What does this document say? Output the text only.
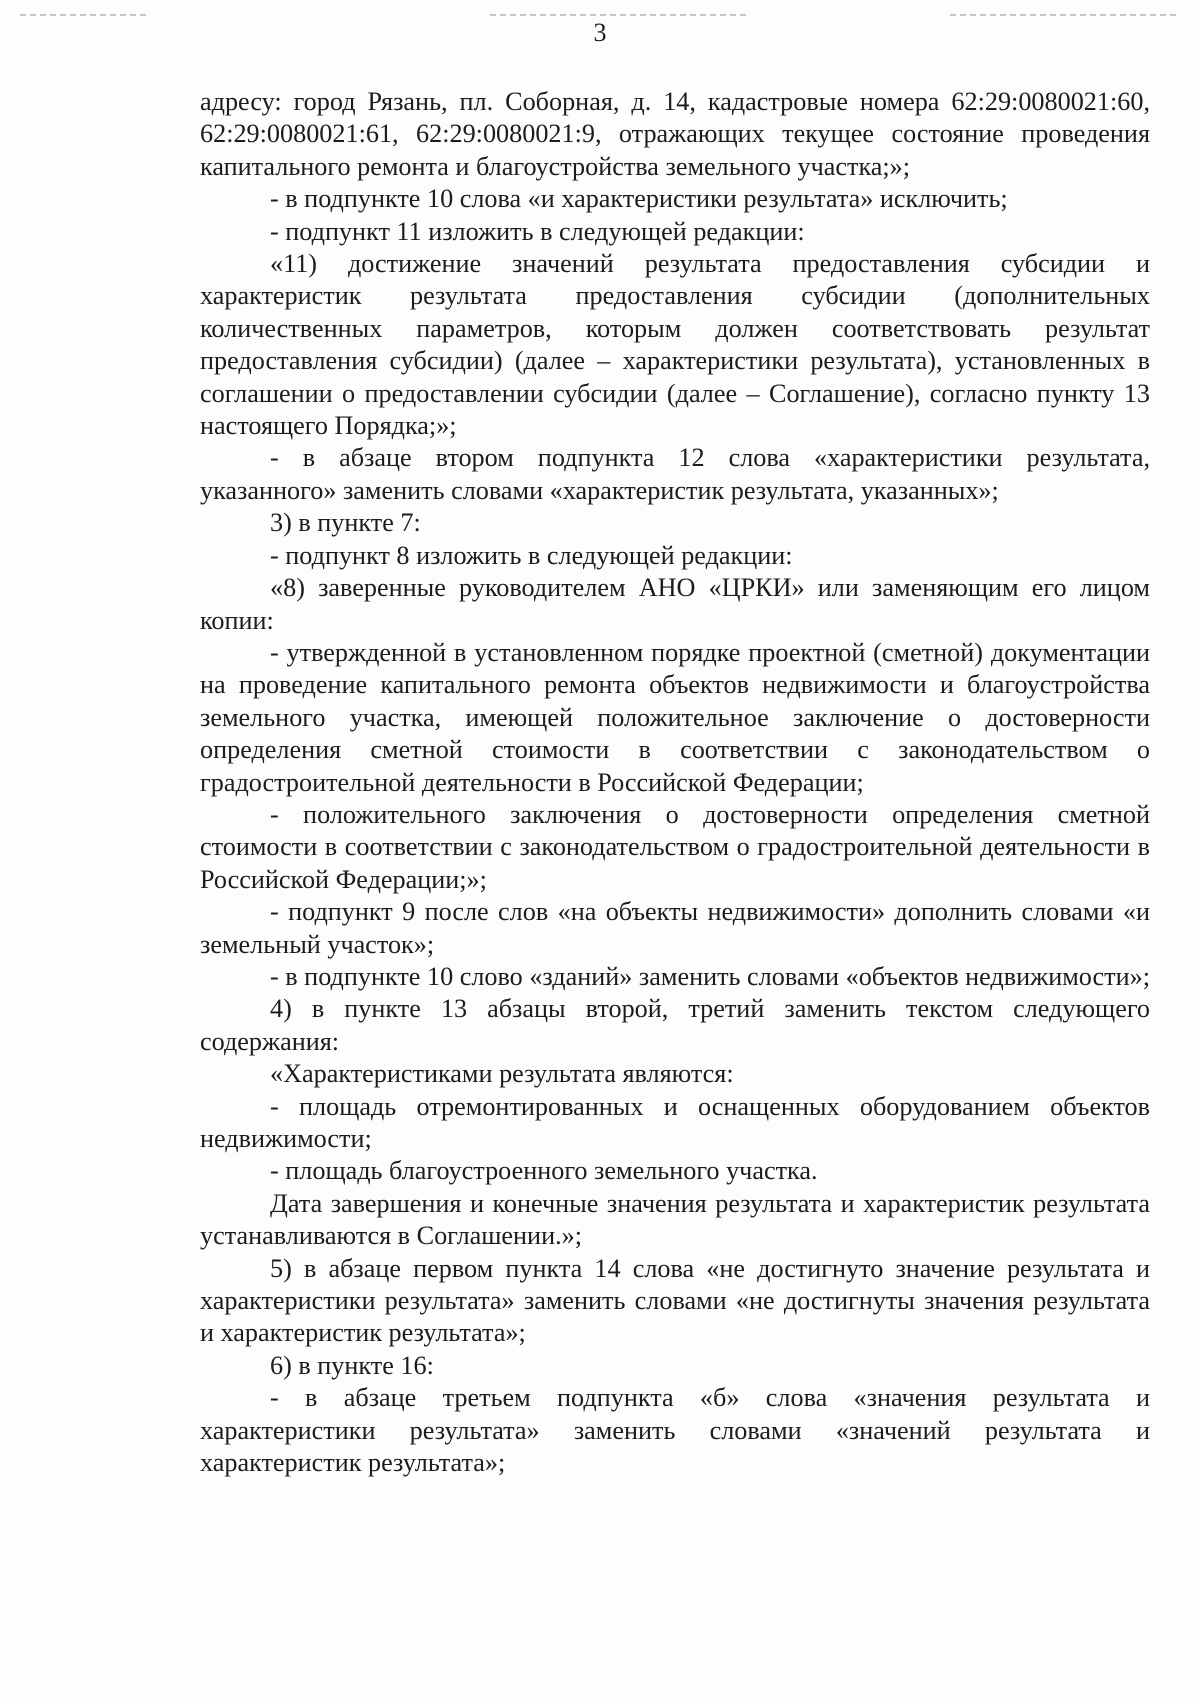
3

адресу: город Рязань, пл. Соборная, д. 14, кадастровые номера 62:29:0080021:60, 62:29:0080021:61, 62:29:0080021:9, отражающих текущее состояние проведения капитального ремонта и благоустройства земельного участка;»;

- в подпункте 10 слова «и характеристики результата» исключить;

- подпункт 11 изложить в следующей редакции:

«11) достижение значений результата предоставления субсидии и характеристик результата предоставления субсидии (дополнительных количественных параметров, которым должен соответствовать результат предоставления субсидии) (далее – характеристики результата), установленных в соглашении о предоставлении субсидии (далее – Соглашение), согласно пункту 13 настоящего Порядка;»;

- в абзаце втором подпункта 12 слова «характеристики результата, указанного» заменить словами «характеристик результата, указанных»;

3) в пункте 7:

- подпункт 8 изложить в следующей редакции:

«8) заверенные руководителем АНО «ЦРКИ» или заменяющим его лицом копии:

- утвержденной в установленном порядке проектной (сметной) документации на проведение капитального ремонта объектов недвижимости и благоустройства земельного участка, имеющей положительное заключение о достоверности определения сметной стоимости в соответствии с законодательством о градостроительной деятельности в Российской Федерации;

- положительного заключения о достоверности определения сметной стоимости в соответствии с законодательством о градостроительной деятельности в Российской Федерации;»;

- подпункт 9 после слов «на объекты недвижимости» дополнить словами «и земельный участок»;

- в подпункте 10 слово «зданий» заменить словами «объектов недвижимости»;

4) в пункте 13 абзацы второй, третий заменить текстом следующего содержания:

«Характеристиками результата являются:

- площадь отремонтированных и оснащенных оборудованием объектов недвижимости;

- площадь благоустроенного земельного участка.

Дата завершения и конечные значения результата и характеристик результата устанавливаются в Соглашении.»;

5) в абзаце первом пункта 14 слова «не достигнуто значение результата и характеристики результата» заменить словами «не достигнуты значения результата и характеристик результата»;

6) в пункте 16:

- в абзаце третьем подпункта «б» слова «значения результата и характеристики результата» заменить словами «значений результата и характеристик результата»;
